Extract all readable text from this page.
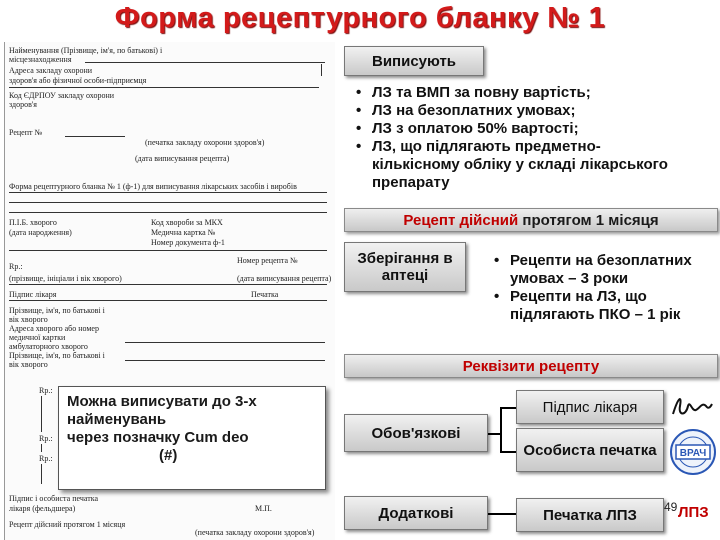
Форма рецептурного бланку № 1
Найменування (Прізвище, ім'я, по батькові) і
місцезнаходження
Адреса закладу охорони
здоров'я або фізичної особи-підприємця
Код ЄДРПОУ закладу охорони
здоров'я
(печатка закладу охорони здоров'я)
Рецепт №
(дата виписування рецепта)
Форма рецептурного бланка № 1 (ф-1) для виписування лікарських засобів і виробів
П.І.Б. хворого	Код хвороби за МКХ
(дата народження)	Медична картка №
Номер документа ф-1
Номер рецепта №
Rp.:
(прізвище, ініціали і вік хворого)	(дата виписування рецепта)
Підпис лікаря	Печатка
Прізвище, ім'я, по батькові і
вік хворого
Адреса хворого або номер
медичної картки
амбулаторного хворого
Прізвище, ім'я, по батькові і
вік хворого
Rp.:
Rp.:
Rp.:
Підпис і особиста печатка
лікаря (фельдшера)	М.П.
Рецепт дійсний протягом 1 місяця
(печатка закладу охорони здоров'я)
Виписують
• ЛЗ та ВМП за повну вартість;
• ЛЗ на безоплатних умовах;
• ЛЗ з оплатою 50% вартості;
• ЛЗ, що підлягають предметно-кількісному обліку у складі лікарського препарату
Рецепт дійсний
протягом 1 місяця
Зберігання в аптеці
• Рецепти на безоплатних умовах – 3 роки
• Рецепти на ЛЗ, що підлягають ПКО – 1 рік
Реквізити рецепту
Обов'язкові
Додаткові
Підпис лікаря
Особиста печатка
Печатка ЛПЗ
ВРАЧ
49 ЛПЗ
Можна виписувати до 3-х
найменувань
через позначку Cum deo
(#)
